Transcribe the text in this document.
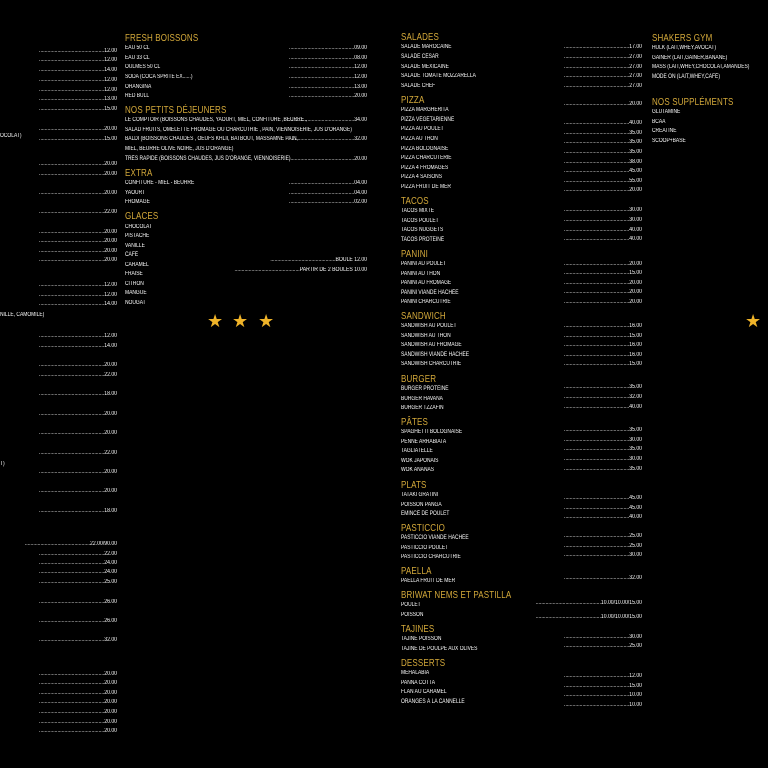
..............................................12.00
..............................................12.00
..............................................14.00
..............................................12.00
..............................................12.00
..............................................13.00
..............................................15.00
..............................................20.00
..............................................15.00
..............................................20.00
..............................................20.00
..............................................20.00
..............................................22.00
..............................................20.00
..............................................20.00
..............................................20.00
..............................................20.00
..............................................12.00
..............................................12.00
..............................................14.00
..............................................12.00
..............................................14.00
..............................................20.00
..............................................22.00
..............................................18.00
..............................................20.00
..............................................20.00
..............................................22.00
..............................................20.00
..............................................20.00
..............................................18.00
..............................................22.00/90.00
..............................................22.00
..............................................24.00
..............................................24.00
..............................................25.00
..............................................26.00
..............................................26.00
..............................................32.00
..............................................20.00
..............................................20.00
..............................................20.00
..............................................20.00
..............................................20.00
..............................................20.00
..............................................20.00
OCOLAT)
NILLE, CAMOMILE)
T)
FRESH BOISSONS
EAU 50 CL
EAU 33 CL
OULMES 50 CL
SODA (COCA SPRITE EX......)
ORANGINA
RED BULL
..............................................09.00
..............................................08.00
..............................................12.00
..............................................12.00
..............................................13.00
..............................................20.00
NOS PETITS DÉJEUNERS
LE COMPTOIR (BOISSONS CHAUDES, YAOURT, MIEL, CONFITURE ,BEURRE ,
SALAD FRUITS, OMELETTE FROMAGE OU CHARCUTRIE , PAIN, VIENNOISERIE, JUS D'ORANGE)
BALDI (BOISSONS CHAUDES , OEUFS KHLII, BATBOUT, MASSAMNE PAIN,
MIEL, BEURRE OLIVE NOIRE, JUS D'ORANGE)
TRÈS RAPIDE (BOISSONS CHAUDES, JUS D'ORANGE, VIENNOISERIE)
..............................................34.00
..............................................32.00
..............................................20.00
EXTRA
CONFITURE - MIEL - BEURRE
YAOURT
FROMAGE
..............................................04.00
..............................................04.00
..............................................02.00
GLACES
CHOCOLAT
PISTACHE
VANILLE
CAFÉ
CARAMEL
FRAISE
CITRON
MANGUE
NOUGAT
..............................................BOULE 12.00
..............................................PARTIR DE 2 BOULES 10.00
SALADES
SALADE MAROCAINE
SALADE CÉSAR
SALADE MEXICAINE
SALADE TOMATE MOZZARELLA
SALADE CHEF
..............................................17.00
..............................................27.00
..............................................27.00
..............................................27.00
..............................................27.00
PIZZA
PIZZA MARGHERITA
PIZZA VÉGÉTARIENNE
PIZZA AU POULET
PIZZA AU THON
PIZZA BOLOGNAISE
PIZZA CHARCUTERIE
PIZZA 4 FROMAGES
PIZZA 4 SAISONS
PIZZA FRUIT DE MER
..............................................20.00
..............................................40.00
..............................................35.00
..............................................35.00
..............................................35.00
..............................................38.00
..............................................45.00
..............................................55.00
..............................................20.00
TACOS
TACOS MIXTE
TACOS POULET
TACOS NUGGETS
TACOS PROTEINÉ
..............................................30.00
..............................................30.00
..............................................40.00
..............................................40.00
PANINI
PANINI AU POULET
PANINI AU THON
PANINI AU FROMAGE
PANINI VIANDE HACHÉE
PANINI CHARCUTRIE
..............................................20.00
..............................................15.00
..............................................20.00
..............................................20.00
..............................................20.00
SANDWICH
SANDWISH AU POULET
SANDWISH AU THON
SANDWISH AU FROMAGE
SANDWISH VIANDE HACHÉE
SANDWISH CHARCUTRIE
..............................................16.00
..............................................15.00
..............................................16.00
..............................................16.00
..............................................15.00
BURGER
BURGER PROTEINÉ
BURGER HAVANA
BURGER TZZAFIN
..............................................35.00
..............................................32.00
..............................................40.00
PÂTES
SPAGHETTI BOLOGNAISE
PENNE ARRABIATA
TAGLIATELLE
WOK JAPONAIS
WOK ANANAS
..............................................35.00
..............................................30.00
..............................................35.00
..............................................30.00
..............................................35.00
PLATS
TATAKI GRATINI
POISSON PANGA
EMINCÉ DE POULET
..............................................45.00
..............................................45.00
..............................................40.00
PASTICCIO
PASTICCIO VIANDE HACHÉE
PASTICCIO POULET
PASTICCIO CHARCUTRIE
..............................................25.00
..............................................25.00
..............................................30.00
PAELLA
PAELLA FRUIT DE MER	..............................................32.00
BRIWAT NEMS ET PASTILLA
POULET
POISSON
..............................................10.00/10.00/15.00
..............................................10.00/10.00/15.00
TAJINES
TAJINE POISSON
TAJINE DE POULPE AUX OLIVES
..............................................30.00
..............................................25.00
DESSERTS
MEHALABIA
PANNA COTTA
FLAN AU CARAMEL
ORANGES À LA CANNELLE
..............................................12.00
..............................................15.00
..............................................10.00
..............................................10.00
SHAKERS GYM
HULK (LAIT,WHEY,AVOCAT)
GAINER (LAIT,GAINER,BANANE)
MASS (LAIT,WHEY,CHOCOLAT,AMANDES)
MODE ON (LAIT,WHEY,CAFÉ)
NOS SUPPLÉMENTS
GLUTAMINE
BCAA
CREATINE
SCOOP+BASE
★ ★ ★	★
